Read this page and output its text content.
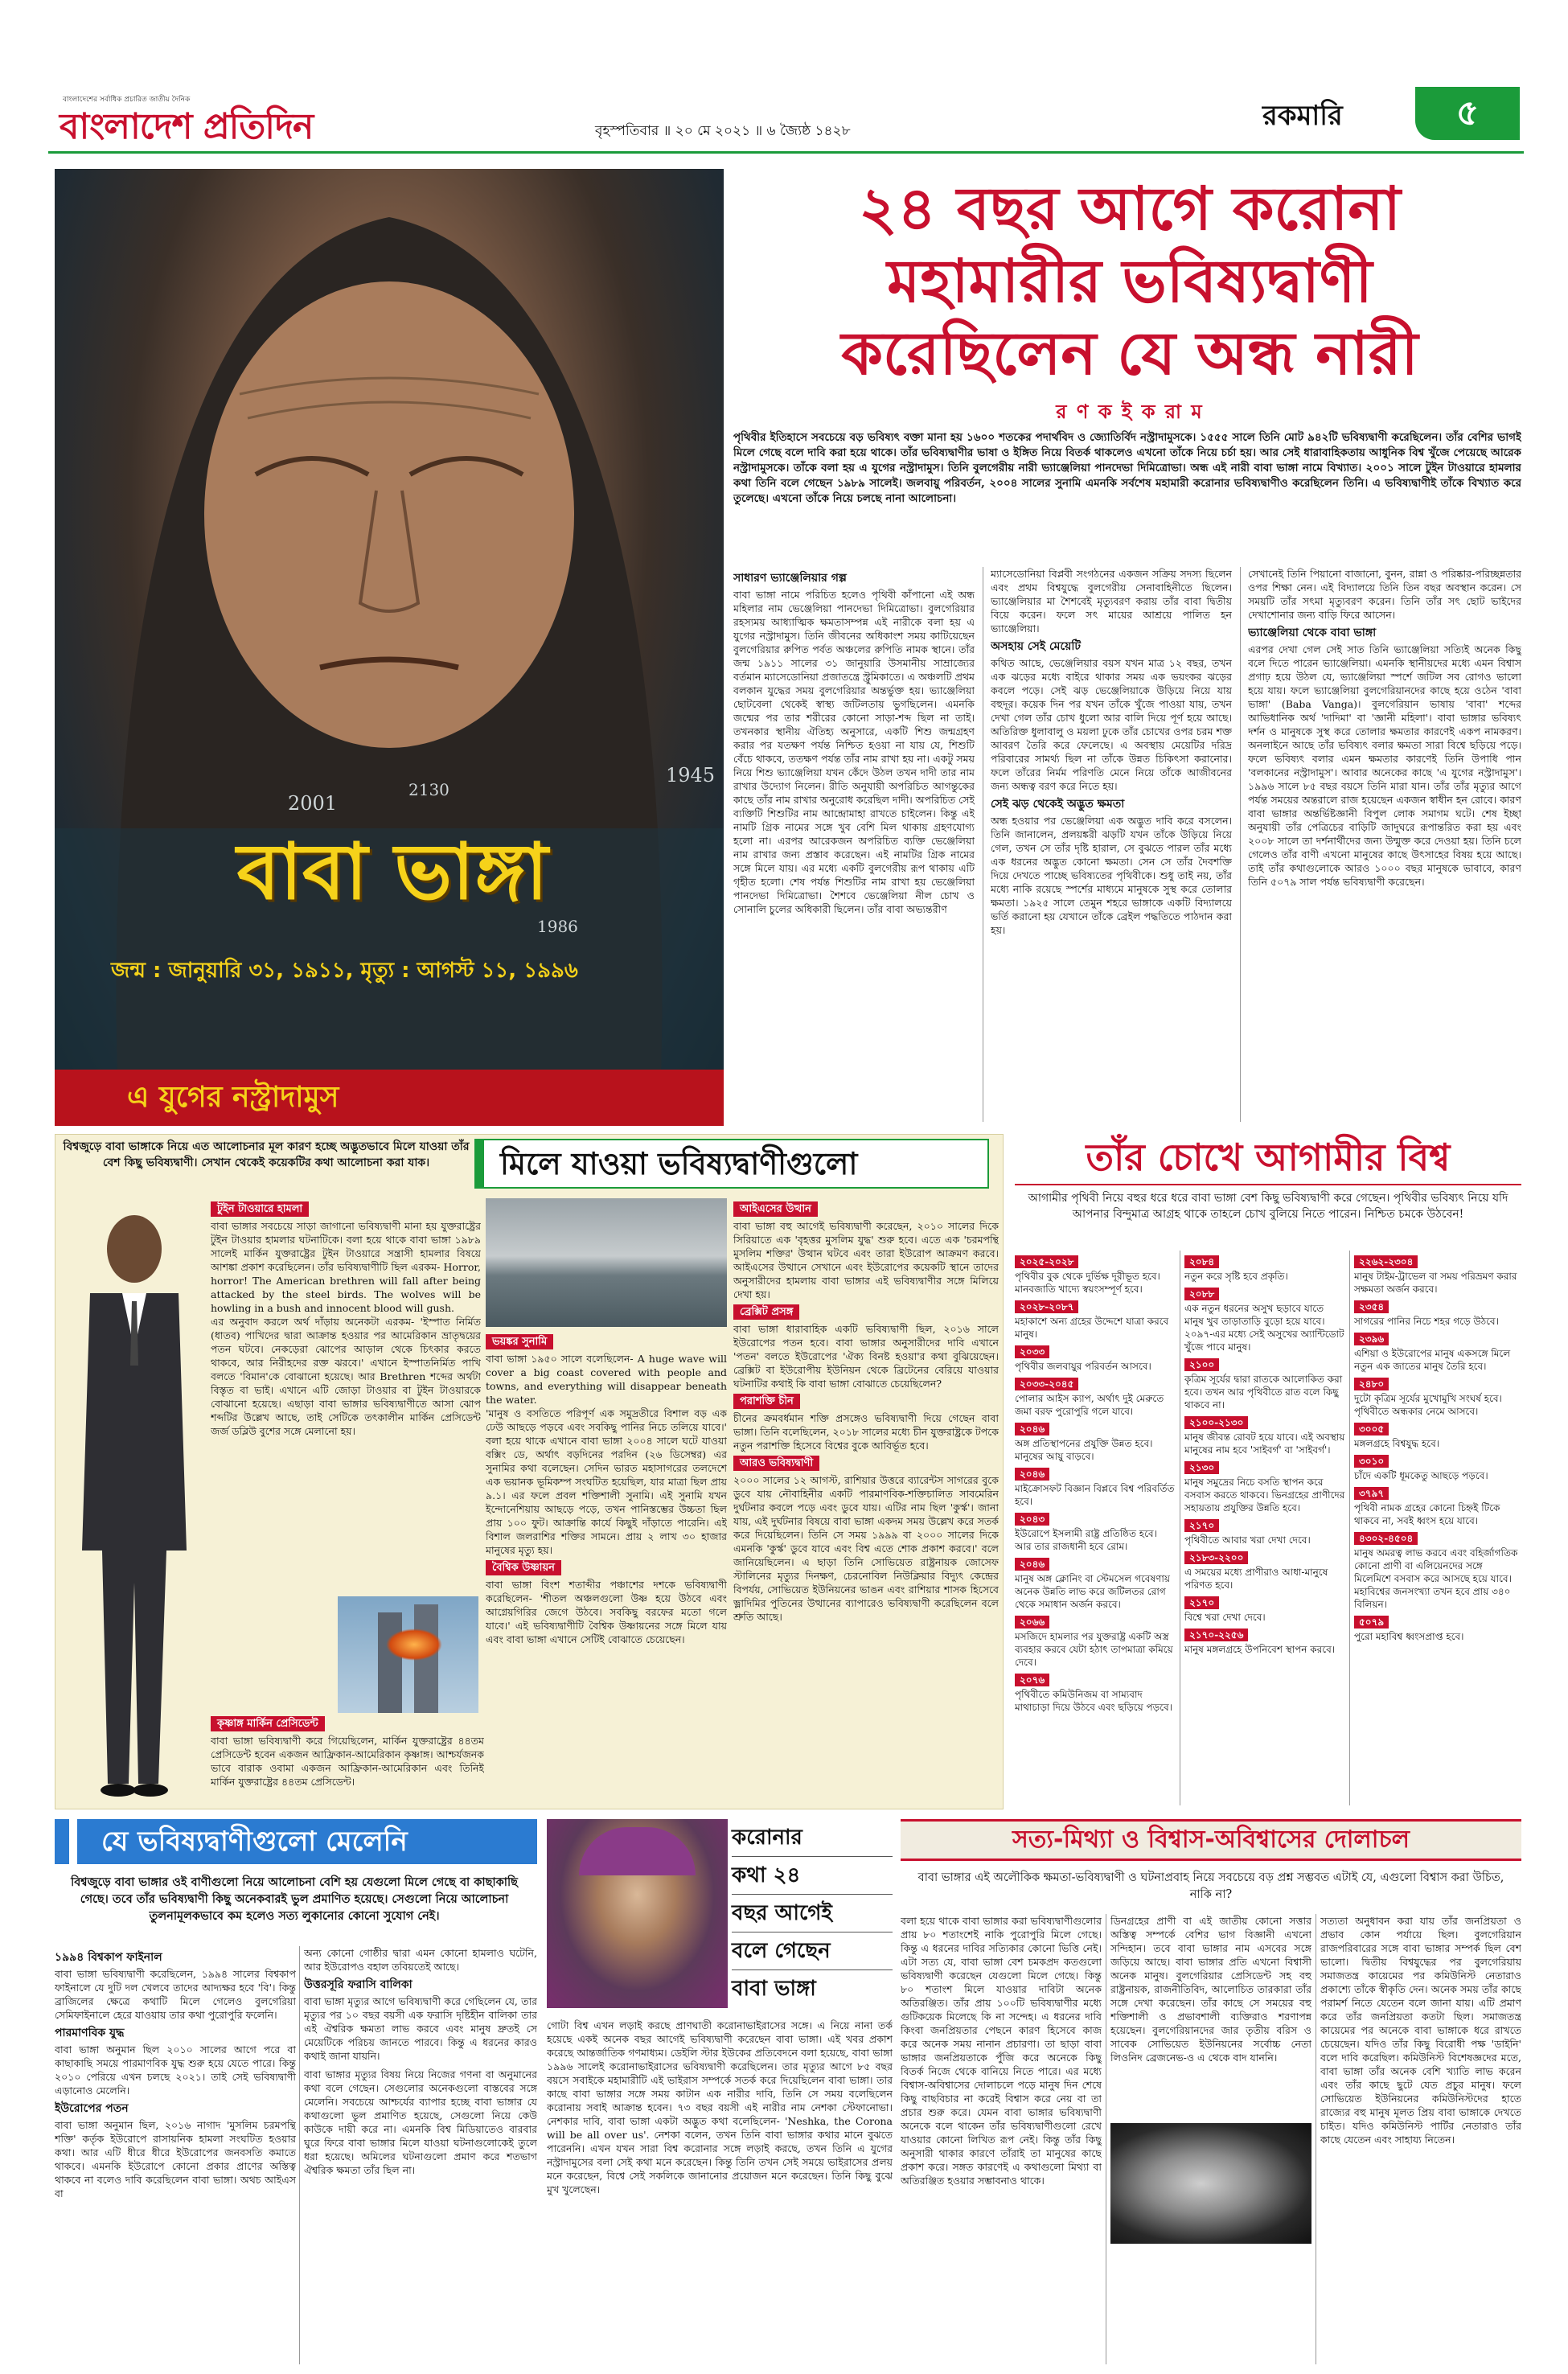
বাংলাদেশের সর্বাধিক প্রচারিত জাতীয় দৈনিক
বাংলাদেশ প্রতিদিন	বৃহস্পতিবার ॥ ২০ মে ২০২১ ॥ ৬ জ্যৈষ্ঠ ১৪২৮	রকমারি	৫
2001
1945
2130
1986
বাবা ভাঙ্গা
জন্ম : জানুয়ারি ৩১, ১৯১১, মৃত্যু : আগস্ট ১১, ১৯৯৬
এ যুগের নস্ট্রাদামুস
২৪ বছর আগে করোনা
মহামারীর ভবিষ্যদ্বাণী
করেছিলেন যে অন্ধ নারী
র ণ ক ই ক রা ম
পৃথিবীর ইতিহাসে সবচেয়ে বড় ভবিষ্যৎ বক্তা মানা হয় ১৬০০ শতকের পদার্থবিদ ও জ্যোতির্বিদ নস্ট্রাদামুসকে। ১৫৫৫ সালে তিনি মোট ৯৪২টি ভবিষ্যদ্বাণী করেছিলেন। তাঁর বেশির ভাগই মিলে গেছে বলে দাবি করা হয়ে থাকে। তাঁর ভবিষ্যদ্বাণীর ভাষা ও ইঙ্গিত নিয়ে বিতর্ক থাকলেও এখনো তাঁকে নিয়ে চর্চা হয়। আর সেই ধারাবাহিকতায় আধুনিক বিশ্ব খুঁজে পেয়েছে আরেক নস্ট্রাদামুসকে। তাঁকে বলা হয় এ যুগের নস্ট্রাদামুস। তিনি বুলগেরীয় নারী ভ্যাঞ্জেলিয়া পানদেভা দিমিত্রোভা। অন্ধ এই নারী বাবা ভাঙ্গা নামে বিখ্যাত। ২০০১ সালে টুইন টাওয়ারে হামলার কথা তিনি বলে গেছেন ১৯৮৯ সালেই। জলবায়ু পরিবর্তন, ২০০৪ সালের সুনামি এমনকি সর্বশেষ মহামারী করোনার ভবিষ্যদ্বাণীও করেছিলেন তিনি। এ ভবিষ্যদ্বাণীই তাঁকে বিখ্যাত করে তুলেছে। এখনো তাঁকে নিয়ে চলছে নানা আলোচনা।
সাধারণ ভ্যাঞ্জেলিয়ার গল্প
বাবা ভাঙ্গা নামে পরিচিত হলেও পৃথিবী কাঁপানো এই অন্ধ মহিলার নাম ভেঞ্জেলিয়া পানদেভা দিমিত্রোভা। বুলগেরিয়ার রহস্যময় আধ্যাত্মিক ক্ষমতাসম্পন্ন এই নারীকে বলা হয় এ যুগের নস্ট্রাদামুস। তিনি জীবনের অধিকাংশ সময় কাটিয়েছেন বুলগেরিয়ার রুপিত পর্বত অঞ্চলের রুপিতি নামক স্থানে। তাঁর জন্ম ১৯১১ সালের ৩১ জানুয়ারি উসমানীয় সাম্রাজ্যের বর্তমান ম্যাসেডোনিয়া প্রজাতন্ত্রে স্ট্রুমিকাতে। এ অঞ্চলটি প্রথম বলকান যুদ্ধের সময় বুলগেরিয়ার অন্তর্ভুক্ত হয়। ভ্যাঞ্জেলিয়া ছোটবেলা থেকেই স্বাস্থ্য জটিলতায় ভুগছিলেন। এমনকি জন্মের পর তার শরীরের কোনো সাড়া-শব্দ ছিল না তাই। তখনকার স্থানীয় ঐতিহ্য অনুসারে, একটি শিশু জন্মগ্রহণ করার পর যতক্ষণ পর্যন্ত নিশ্চিত হওয়া না যায় যে, শিশুটি বেঁচে থাকবে, ততক্ষণ পর্যন্ত তাঁর নাম রাখা হয় না। একটু সময় নিয়ে শিশু ভ্যাঞ্জেলিয়া যখন কেঁদে উঠল তখন দাদী তার নাম রাখার উদ্যোগ নিলেন। রীতি অনুযায়ী অপরিচিত আগন্তুকের কাছে তাঁর নাম রাখার অনুরোধ করেছিল দাদী। অপরিচিত সেই ব্যক্তিটি শিশুটির নাম আন্দ্রোমাহা রাখতে চাইলেন। কিন্তু এই নামটি গ্রিক নামের সঙ্গে খুব বেশি মিল থাকায় গ্রহণযোগ্য হলো না। এরপর আরেকজন অপরিচিত ব্যক্তি ভেঞ্জেলিয়া নাম রাখার জন্য প্রস্তাব করেছেন। এই নামটির গ্রিক নামের সঙ্গে মিলে যায়। এর মধ্যে একটি বুলগেরীয় রূপ থাকায় এটি গৃহীত হলো। শেষ পর্যন্ত শিশুটির নাম রাখা হয় ভেঞ্জেলিয়া পানদেভা দিমিত্রোভা। শৈশবে ভেঞ্জেলিয়া নীল চোখ ও সোনালি চুলের অধিকারী ছিলেন। তাঁর বাবা অভ্যন্তরীণ
ম্যাসেডোনিয়া বিপ্লবী সংগঠনের একজন সক্রিয় সদস্য ছিলেন এবং প্রথম বিশ্বযুদ্ধে বুলগেরীয় সেনাবাহিনীতে ছিলেন। ভ্যাঞ্জেলিয়ার মা শৈশবেই মৃত্যুবরণ করায় তাঁর বাবা দ্বিতীয় বিয়ে করেন। ফলে সৎ মায়ের আশ্রয়ে পালিত হন ভ্যাঞ্জেলিয়া।
অসহায় সেই মেয়েটি
কথিত আছে, ভেঞ্জেলিয়ার বয়স যখন মাত্র ১২ বছর, তখন এক ঝড়ের মধ্যে বাইরে থাকার সময় এক ভয়ংকর ঝড়ের কবলে পড়ে। সেই ঝড় ভেঞ্জেলিয়াকে উড়িয়ে নিয়ে যায় বহুদূর। কয়েক দিন পর যখন তাঁকে খুঁজে পাওয়া যায়, তখন দেখা গেল তাঁর চোখ ধুলো আর বালি দিয়ে পূর্ণ হয়ে আছে। অতিরিক্ত ধুলাবালু ও ময়লা ঢুকে তাঁর চোখের ওপর চরম শক্ত আবরণ তৈরি করে ফেলেছে। এ অবস্থায় মেয়েটির দরিদ্র পরিবারের সামর্থ্য ছিল না তাঁকে উন্নত চিকিৎসা করানোর। ফলে তাঁরের নির্মম পরিণতি মেনে নিয়ে তাঁকে আজীবনের জন্য অন্ধত্ব বরণ করে নিতে হয়।
সেই ঝড় থেকেই অদ্ভুত ক্ষমতা
অন্ধ হওয়ার পর ভেঞ্জেলিয়া এক অদ্ভুত দাবি করে বসলেন। তিনি জানালেন, প্রলয়ঙ্করী ঝড়টি যখন তাঁকে উড়িয়ে নিয়ে গেল, তখন সে তাঁর দৃষ্টি হারাল, সে বুঝতে পারল তাঁর মধ্যে এক ধরনের অদ্ভুত কোনো ক্ষমতা। সেন সে তাঁর দৈবশক্তি দিয়ে দেখতে পাচ্ছে ভবিষ্যতের পৃথিবীকে। শুধু তাই নয়, তাঁর মধ্যে নাকি রয়েছে স্পর্শের মাধ্যমে মানুষকে সুস্থ করে তোলার ক্ষমতা। ১৯২৫ সালে তেমুন শহরে ভাঙ্গাকে একটি বিদ্যালয়ে ভর্তি করানো হয় যেখানে তাঁকে ব্রেইল পদ্ধতিতে পাঠদান করা হয়।
সেখানেই তিনি পিয়ানো বাজানো, বুনন, রান্না ও পরিষ্কার-পরিচ্ছন্নতার ওপর শিক্ষা নেন। এই বিদ্যালয়ে তিনি তিন বছর অবস্থান করেন। সে সময়টি তাঁর সৎমা মৃত্যুবরণ করেন। তিনি তাঁর সৎ ছোট ভাইদের দেখাশোনার জন্য বাড়ি ফিরে আসেন।
ভ্যাঞ্জেলিয়া থেকে বাবা ভাঙ্গা
এরপর দেখা গেল সেই সাত তিনি ভ্যাঞ্জেলিয়া সত্যিই অনেক কিছু বলে দিতে পারেন ভ্যাঞ্জেলিয়া। এমনকি স্থানীয়দের মধ্যে এমন বিশ্বাস প্রগাঢ় হয়ে উঠল যে, ভ্যাঞ্জেলিয়া স্পর্শে জটিল সব রোগও ভালো হয়ে যায়। ফলে ভ্যাঞ্জেলিয়া বুলগেরিয়ানদের কাছে হয়ে ওঠেন 'বাবা ভাঙ্গা' (Baba Vanga)। বুলগেরিয়ান ভাষায় 'বাবা' শব্দের আভিধানিক অর্থ 'দাদিমা' বা 'জ্ঞানী মহিলা'। বাবা ভাঙ্গার ভবিষ্যৎ দর্শন ও মানুষকে সুস্থ করে তোলার ক্ষমতার কারণেই একপ নামকরণ। অনলাইনে আছে তাঁর ভবিষ্যৎ বলার ক্ষমতা সারা বিশ্বে ছড়িয়ে পড়ে। ফলে ভবিষ্যৎ বলার এমন ক্ষমতার কারণেই তিনি উপাধি পান 'বলকানের নস্ট্রাদামুস'। আবার অনেকের কাছে 'এ যুগের নস্ট্রাদামুস'। ১৯৯৬ সালে ৮৫ বছর বয়সে তিনি মারা যান। তাঁর তাঁর মৃত্যুর আগে পর্যন্ত সময়ের অন্তরালে রাজ হয়েছেন একজন স্বাধীন হন রোবে। কারণ বাবা ভাঙ্গার অন্তর্ভিষ্টজ্ঞানী বিপুল লোক সমাগম ঘটে। শেষ ইচ্ছা অনুযায়ী তাঁর পেত্রিচের বাড়িটি জাদুঘরে রূপান্তরিত করা হয় এবং ২০০৮ সালে তা দর্শনার্থীদের জন্য উন্মুক্ত করে দেওয়া হয়। তিনি চলে গেলেও তাঁর বাণী এখনো মানুষের কাছে উৎসাহের বিষয় হয়ে আছে। তাই তাঁর কথাগুলোকে আরও ১০০০ বছর মানুষকে ভাবাবে, কারণ তিনি ৫০৭৯ সাল পর্যন্ত ভবিষ্যদ্বাণী করেছেন।
বিশ্বজুড়ে বাবা ভাঙ্গাকে নিয়ে এত আলোচনার মূল কারণ হচ্ছে অদ্ভুতভাবে মিলে যাওয়া তাঁর বেশ কিছু ভবিষ্যদ্বাণী। সেখান থেকেই কয়েকটির কথা আলোচনা করা যাক।	মিলে যাওয়া ভবিষ্যদ্বাণীগুলো
টুইন টাওয়ারে হামলা
বাবা ভাঙ্গার সবচেয়ে সাড়া জাগানো ভবিষ্যদ্বাণী মানা হয় যুক্তরাষ্ট্রের টুইন টাওয়ার হামলার ঘটনাটিকে। বলা হয়ে থাকে বাবা ভাঙ্গা ১৯৮৯ সালেই মার্কিন যুক্তরাষ্ট্রের টুইন টাওয়ারে সন্ত্রাসী হামলার বিষয়ে আশঙ্কা প্রকাশ করেছিলেন। তাঁর ভবিষ্যদ্বাণীটি ছিল এরকম- Horror, horror! The American brethren will fall after being attacked by the steel birds. The wolves will be howling in a bush and innocent blood will gush.
এর অনুবাদ করলে অর্থ দাঁড়ায় অনেকটা এরকম- 'ইস্পাত নির্মিত (ধাতব) পাখিদের দ্বারা আক্রান্ত হওয়ার পর আমেরিকান ভ্রাতৃদ্বয়ের পতন ঘটবে। নেকড়েরা ঝোপের আড়াল থেকে চিৎকার করতে থাকবে, আর নিরীহদের রক্ত ঝরবে।' এখানে ইস্পাতনির্মিত পাখি বলতে 'বিমান'কে বোঝানো হয়েছে। আর Brethren শব্দের অর্থটা বিস্তৃত বা ভাই। এখানে এটি জোড়া টাওয়ার বা টুইন টাওয়ারকে বোঝানো হয়েছে। এছাড়া বাবা ভাঙ্গার ভবিষ্যদ্বাণীতে আসা ঝোপ শব্দটির উল্লেখ আছে, তাই সেটিকে তৎকালীন মার্কিন প্রেসিডেন্ট জর্জ ডব্লিউ বুশের সঙ্গে মেলানো হয়।
কৃষ্ণাঙ্গ মার্কিন প্রেসিডেন্ট
বাবা ভাঙ্গা ভবিষ্যদ্বাণী করে গিয়েছিলেন, মার্কিন যুক্তরাষ্ট্রের ৪৪তম প্রেসিডেন্ট হবেন একজন আফ্রিকান-আমেরিকান কৃষ্ণাঙ্গ। আশ্চর্যজনক ভাবে বারাক ওবামা একজন আফ্রিকান-আমেরিকান এবং তিনিই মার্কিন যুক্তরাষ্ট্রের ৪৪তম প্রেসিডেন্ট।
ভয়ঙ্কর সুনামি
বাবা ভাঙ্গা ১৯৫০ সালে বলেছিলেন- A huge wave will cover a big coast covered with people and towns, and everything will disappear beneath the water.
'মানুষ ও বসতিতে পরিপূর্ণ এক সমুদ্রতীরে বিশাল বড় এক ঢেউ আছড়ে পড়বে এবং সবকিছু পানির নিচে তলিয়ে যাবে।' বলা হয়ে থাকে এখানে বাবা ভাঙ্গা ২০০৪ সালে ঘটে যাওয়া বক্সিং ডে, অর্থাৎ বড়দিনের পরদিন (২৬ ডিসেম্বর) এর সুনামির কথা বলেছেন। সেদিন ভারত মহাসাগরের তলদেশে এক ভয়ানক ভূমিকম্প সংঘটিত হয়েছিল, যার মাত্রা ছিল প্রায় ৯.১। এর ফলে প্রবল শক্তিশালী সুনামি। এই সুনামি যখন ইন্দোনেশিয়ায় আছড়ে পড়ে, তখন পানিস্তম্ভের উচ্চতা ছিল প্রায় ১০০ ফুট। আক্রান্তি কার্যে কিছুই দাঁড়াতে পারেনি। এই বিশাল জলরাশির শক্তির সামনে। প্রায় ২ লাখ ৩০ হাজার মানুষের মৃত্যু হয়।
বৈশ্বিক উষ্ণায়ন
বাবা ভাঙ্গা বিংশ শতাব্দীর পঞ্চাশের দশকে ভবিষ্যদ্বাণী করেছিলেন- 'শীতল অঞ্চলগুলো উষ্ণ হয়ে উঠবে এবং আগ্নেয়গিরির জেগে উঠবে। সবকিছু বরফের মতো গলে যাবে।' এই ভবিষ্যদ্বাণীটি বৈশ্বিক উষ্ণায়নের সঙ্গে মিলে যায় এবং বাবা ভাঙ্গা এখানে সেটিই বোঝাতে চেয়েছেন।
আইএসের উত্থান
বাবা ভাঙ্গা বহু আগেই ভবিষ্যদ্বাণী করেছেন, ২০১০ সালের দিকে সিরিয়াতে এক 'বৃহত্তর মুসলিম যুদ্ধ' শুরু হবে। এতে এক 'চরমপন্থি মুসলিম শক্তির' উত্থান ঘটবে এবং তারা ইউরোপ আক্রমণ করবে। আইএসের উত্থানে সেখানে এবং ইউরোপের কয়েকটি স্থানে তাদের অনুসারীদের হামলায় বাবা ভাঙ্গার এই ভবিষ্যদ্বাণীর সঙ্গে মিলিয়ে দেখা হয়।
ব্রেক্সিট প্রসঙ্গ
বাবা ভাঙ্গা ধারাবাহিক একটি ভবিষ্যদ্বাণী ছিল, ২০১৬ সালে ইউরোপের পতন হবে। বাবা ভাঙ্গার অনুসারীদের দাবি এখানে 'পতন' বলতে ইউরোপের 'ঐক্য বিনষ্ট হওয়া'র কথা বুঝিয়েছেন। ব্রেক্সিট বা ইউরোপীয় ইউনিয়ন থেকে ব্রিটেনের বেরিয়ে যাওয়ার ঘটনাটির কথাই কি বাবা ভাঙ্গা বোঝাতে চেয়েছিলেন?
পরাশক্তি চীন
চীনের ক্রমবর্ধমান শক্তি প্রসঙ্গেও ভবিষ্যদ্বাণী দিয়ে গেছেন বাবা ভাঙ্গা। তিনি বলেছিলেন, ২০১৮ সালের মধ্যে চীন যুক্তরাষ্ট্রকে টপকে নতুন পরাশক্তি হিসেবে বিশ্বের বুকে আবির্ভূত হবে।
আরও ভবিষ্যদ্বাণী
২০০০ সালের ১২ আগস্ট, রাশিয়ার উত্তরে ব্যারেন্টস সাগরের বুকে ডুবে যায় নৌবাহিনীর একটি পারমাণবিক-শক্তিচালিত সাবমেরিন দুর্ঘটনার কবলে পড়ে এবং ডুবে যায়। এটির নাম ছিল 'কুর্স্ক'। জানা যায়, এই দুর্ঘটনার বিষয়ে বাবা ভাঙ্গা একদম সময় উল্লেখ করে সতর্ক করে দিয়েছিলেন। তিনি সে সময় ১৯৯৯ বা ২০০০ সালের দিকে এমনকি 'কুর্স্ক' ডুবে যাবে এবং বিশ্ব এতে শোক প্রকাশ করবে।' বলে জানিয়েছিলেন। এ ছাড়া তিনি সোভিয়েত রাষ্ট্রনায়ক জোসেফ স্টালিনের মৃত্যুর দিনক্ষণ, চেরনোবিল নিউক্লিয়ার বিদ্যুৎ কেন্দ্রের বিপর্যয়, সোভিয়েত ইউনিয়নের ভাঙন এবং রাশিয়ার শাসক হিসেবে ভ্লাদিমির পুতিনের উত্থানের ব্যাপারেও ভবিষ্যদ্বাণী করেছিলেন বলে শ্রুতি আছে।
তাঁর চোখে আগামীর বিশ্ব
আগামীর পৃথিবী নিয়ে বহুর ধরে ধরে বাবা ভাঙ্গা বেশ কিছু ভবিষ্যদ্বাণী করে গেছেন। পৃথিবীর ভবিষ্যৎ নিয়ে যদি আপনার বিন্দুমাত্র আগ্রহ থাকে তাহলে চোখ বুলিয়ে নিতে পারেন। নিশ্চিত চমকে উঠবেন!
২০২৫-২০২৮
পৃথিবীর বুক থেকে দুর্ভিক্ষ দূরীভূত হবে। মানবজাতি খাদ্যে স্বয়ংসম্পূর্ণ হবে।
২০২৮-২০৮৭
মহাকাশে অন্য গ্রহের উদ্দেশে যাত্রা করবে মানুষ।
২০৩৩
পৃথিবীর জলবায়ুর পরিবর্তন আসবে।
২০৩৩-২০৪৫
পোলার আইস ক্যাপ, অর্থাৎ দুই মেরুতে জমা বরফ পুরোপুরি গলে যাবে।
২০৪৬
অঙ্গ প্রতিস্থাপনের প্রযুক্তি উন্নত হবে। মানুষের আয়ু বাড়বে।
২০৪৬
মাইক্রোসফট বিজ্ঞান বিপ্লবে বিশ্ব পরিবর্তিত হবে।
২০৪৩
ইউরোপে ইসলামী রাষ্ট্র প্রতিষ্ঠিত হবে। আর তার রাজধানী হবে রোম।
২০৪৬
মানুষ অঙ্গ ক্লোনিং বা স্টেমসেল গবেষণায় অনেক উন্নতি লাভ করে জটিলতর রোগ থেকে সমাধান অর্জন করবে।
২০৬৬
মসজিদে হামলার পর যুক্তরাষ্ট্র একটি অস্ত্র ব্যবহার করবে যেটা হঠাৎ তাপমাত্রা কমিয়ে দেবে।
২০৭৬
পৃথিবীতে কমিউনিজম বা সাম্যবাদ মাথাচাড়া দিয়ে উঠবে এবং ছড়িয়ে পড়বে।
২০৮৪
নতুন করে সৃষ্টি হবে প্রকৃতি।
২০৮৮
এক নতুন ধরনের অসুখ ছড়াবে যাতে মানুষ খুব তাড়াতাড়ি বুড়ো হয়ে যাবে। ২০৯৭-এর মধ্যে সেই অসুখের অ্যান্টিডোট খুঁজে পাবে মানুষ।
২১০০
কৃত্রিম সূর্যের দ্বারা রাতকে আলোকিত করা হবে। তখন আর পৃথিবীতে রাত বলে কিছু থাকবে না।
২১০০-২১৩০
মানুষ জীবন্ত রোবট হয়ে যাবে। এই অবস্থায় মানুষের নাম হবে 'সাইবর্গ' বা 'সাইবর্গ'।
২১৩০
মানুষ সমুদ্রের নিচে বসতি স্থাপন করে বসবাস করতে থাকবে। ভিনগ্রহের প্রাণীদের সহায়তায় প্রযুক্তির উন্নতি হবে।
২১৭০
পৃথিবীতে আবার খরা দেখা দেবে।
২১৮৩-২২০০
এ সময়ের মধ্যে প্রাণীরাও আধা-মানুষে পরিণত হবে।
২১৭০
বিশ্বে খরা দেখা দেবে।
২১৭০-২২৫৬
মানুষ মঙ্গলগ্রহে উপনিবেশ স্থাপন করবে।
২২৬২-২৩০৪
মানুষ টাইম-ট্রাভেল বা সময় পরিভ্রমণ করার সক্ষমতা অর্জন করবে।
২৩৫৪
সাগরের পানির নিচে শহর গড়ে উঠবে।
২৩৯৬
এশিয়া ও ইউরোপের মানুষ একসঙ্গে মিলে নতুন এক জাতের মানুষ তৈরি হবে।
২৪৮০
দুটো কৃত্রিম সূর্যের মুখোমুখি সংঘর্ষ হবে। পৃথিবীতে অন্ধকার নেমে আসবে।
৩০০৫
মঙ্গলগ্রহে বিশ্বযুদ্ধ হবে।
৩০১০
চাঁদে একটি ধূমকেতু আছড়ে পড়বে।
৩৭৯৭
পৃথিবী নামক গ্রহের কোনো চিহ্নই টিকে থাকবে না, সবই ধ্বংস হয়ে যাবে।
৪৩০২-৪৫০৪
মানুষ অমরত্ব লাভ করবে এবং বহির্জাগতিক কোনো প্রাণী বা এলিয়েনদের সঙ্গে মিলেমিশে বসবাস করে আসছে হয়ে যাবে। মহাবিশ্বের জনসংখ্যা তখন হবে প্রায় ৩৪০ বিলিয়ন।
৫০৭৯
পুরো মহাবিশ্ব ধ্বংসপ্রাপ্ত হবে।
যে ভবিষ্যদ্বাণীগুলো মেলেনি
বিশ্বজুড়ে বাবা ভাঙ্গার ওই বাণীগুলো নিয়ে আলোচনা বেশি হয় যেগুলো মিলে গেছে বা কাছাকাছি গেছে। তবে তাঁর ভবিষ্যদ্বাণী কিছু অনেকবারই ভুল প্রমাণিত হয়েছে। সেগুলো নিয়ে আলোচনা তুলনামূলকভাবে কম হলেও সত্য লুকানোর কোনো সুযোগ নেই।
১৯৯৪ বিশ্বকাপ ফাইনাল
বাবা ভাঙ্গা ভবিষ্যদ্বাণী করেছিলেন, ১৯৯৪ সালের বিশ্বকাপ ফাইনালে যে দুটি দল খেলবে তাদের আদ্যক্ষর হবে 'বি'। কিন্তু ব্রাজিলের ক্ষেত্রে কথাটি মিলে গেলেও বুলগেরিয়া সেমিফাইনালে হেরে যাওয়ায় তার কথা পুরোপুরি ফলেনি।
পারমাণবিক যুদ্ধ
বাবা ভাঙ্গা অনুমান ছিল ২০১০ সালের আগে পরে বা কাছাকাছি সময়ে পারমাণবিক যুদ্ধ শুরু হয়ে যেতে পারে। কিন্তু ২০১০ পেরিয়ে এখন চলছে ২০২১। তাই সেই ভবিষ্যদ্বাণী এড়ানোও মেলেনি।
ইউরোপের পতন
বাবা ভাঙ্গা অনুমান ছিল, ২০১৬ নাগাদ 'মুসলিম চরমপন্থি শক্তি' কর্তৃক ইউরোপে রাসায়নিক হামলা সংঘটিত হওয়ার কথা। আর এটি ধীরে ধীরে ইউরোপের জনবসতি কমাতে থাকবে। এমনকি ইউরোপে কোনো প্রকার প্রাণের অস্তিত্ব থাকবে না বলেও দাবি করেছিলেন বাবা ভাঙ্গা। অথচ আইএস বা
অন্য কোনো গোষ্ঠীর দ্বারা এমন কোনো হামলাও ঘটেনি, আর ইউরোপও বহাল তবিয়তেই আছে।
উত্তরসূরি ফরাসি বালিকা
বাবা ভাঙ্গা মৃত্যুর আগে ভবিষ্যদ্বাণী করে গেছিলেন যে, তার মৃত্যুর পর ১০ বছর বয়সী এক ফরাসি দৃষ্টিহীন বালিকা তার এই ঐশ্বরিক ক্ষমতা লাভ করবে এবং মানুষ দ্রুতই সে মেয়েটিকে পরিচয় জানতে পারবে। কিন্তু এ ধরনের কারও কথাই জানা যায়নি।
বাবা ভাঙ্গার মৃত্যুর বিষয় নিয়ে নিজের গণনা বা অনুমানের কথা বলে গেছেন। সেগুলোর অনেকগুলো বাস্তবের সঙ্গে মেলেনি। সবচেয়ে আশ্চর্যের ব্যাপার হচ্ছে বাবা ভাঙ্গার যে কথাগুলো ভুল প্রমাণিত হয়েছে, সেগুলো নিয়ে কেউ কাউকে দায়ী করে না। এমনকি বিশ্ব মিডিয়াতেও বারবার ঘুরে ফিরে বাবা ভাঙ্গার মিলে যাওয়া ঘটনাগুলোকেই তুলে ধরা হয়েছে। অমিলের ঘটনাগুলো প্রমাণ করে শতভাগ ঐশ্বরিক ক্ষমতা তাঁর ছিল না।
করোনার
কথা ২৪
বছর আগেই
বলে গেছেন
বাবা ভাঙ্গা
গোটা বিশ্ব এখন লড়াই করছে প্রাণঘাতী করোনাভাইরাসের সঙ্গে। এ নিয়ে নানা তর্ক হয়েছে একই অনেক বছর আগেই ভবিষ্যদ্বাণী করেছেন বাবা ভাঙ্গা। এই খবর প্রকাশ করেছে আন্তর্জাতিক গণমাধ্যম। ডেইলি স্টার ইউকের প্রতিবেদনে বলা হয়েছে, বাবা ভাঙ্গা ১৯৯৬ সালেই করোনাভাইরাসের ভবিষ্যদ্বাণী করেছিলেন। তার মৃত্যুর আগে ৮৫ বছর বয়সে সবাইকে মহামারীটি এই ভাইরাস সম্পর্কে সতর্ক করে দিয়েছিলেন বাবা ভাঙ্গা। তার কাছে বাবা ভাঙ্গার সঙ্গে সময় কাটান এক নারীর দাবি, তিনি সে সময় বলেছিলেন করোনায় সবাই আক্রান্ত হবেন। ৭৩ বছর বয়সী এই নারীর নাম নেশকা স্টেফানোভা। নেশকার দাবি, বাবা ভাঙ্গা একটা অদ্ভুত কথা বলেছিলেন- 'Neshka, the Corona will be all over us'. নেশকা বলেন, তখন তিনি বাবা ভাঙ্গার কথার মানে বুঝতে পারেননি। এখন যখন সারা বিশ্ব করোনার সঙ্গে লড়াই করছে, তখন তিনি এ যুগের নস্ট্রাদামুসের বলা সেই কথা মনে করেছেন। কিন্তু তিনি তখন সেই সময়ে ভাইরাসের প্রলয় মনে করেছেন, বিশ্বে সেই সকলিকে জানানোর প্রয়োজন মনে করেছেন। তিনি কিছু বুঝে মুখ খুলেছেন।
সত্য-মিথ্যা ও বিশ্বাস-অবিশ্বাসের দোলাচল
বাবা ভাঙ্গার এই অলৌকিক ক্ষমতা-ভবিষ্যদ্বাণী ও ঘটনাপ্রবাহ নিয়ে সবচেয়ে বড় প্রশ্ন সম্ভবত এটাই যে, এগুলো বিশ্বাস করা উচিত, নাকি না?
বলা হয়ে থাকে বাবা ভাঙ্গার করা ভবিষ্যদ্বাণীগুলোর প্রায় ৮০ শতাংশেই নাকি পুরোপুরি মিলে গেছে। কিন্তু এ ধরনের দাবির সত্যিকার কোনো ভিত্তি নেই। এটা সত্য যে, বাবা ভাঙ্গা বেশ চমকপ্রদ কতগুলো ভবিষ্যদ্বাণী করেছেন যেগুলো মিলে গেছে। কিন্তু ৮০ শতাংশ মিলে যাওয়ার দাবিটা অনেক অতিরঞ্জিত। তাঁর প্রায় ১০০টি ভবিষ্যদ্বাণীর মধ্যে গুটিকয়েক মিলেছে কি না সন্দেহ। এ ধরনের দাবি কিংবা জনপ্রিয়তার পেছনে কারণ হিসেবে কাজ করে অনেক সময় নানান প্রচারণা। তা ছাড়া বাবা ভাঙ্গার জনপ্রিয়তাকে পুঁজি করে অনেকে কিছু বিতর্ক নিজে থেকে বানিয়ে নিতে পারে। এর মধ্যে বিশ্বাস-অবিশ্বাসের দোলাচলে পড়ে মানুষ দিন শেষে কিছু বাছবিচার না করেই বিশ্বাস করে নেয় বা তা প্রচার শুরু করে। যেমন বাবা ভাঙ্গার ভবিষ্যদ্বাণী অনেকে বলে থাকেন তাঁর ভবিষ্যদ্বাণীগুলো রেখে যাওয়ার কোনো লিখিত রূপ নেই। কিন্তু তাঁর কিছু অনুসারী থাকার কারণে তাঁরাই তা মানুষের কাছে প্রকাশ করে। সঙ্গত কারণেই এ কথাগুলো মিথ্যা বা অতিরঞ্জিত হওয়ার সম্ভাবনাও থাকে।
ডিনগ্রহের প্রাণী বা এই জাতীয় কোনো সত্তার অস্তিত্ব সম্পর্কে বেশির ভাগ বিজ্ঞানী এখনো সন্দিহান। তবে বাবা ভাঙ্গার নাম এসবের সঙ্গে জড়িয়ে আছে। বাবা ভাঙ্গার প্রতি এখনো বিশ্বাসী অনেক মানুষ। বুলগেরিয়ার প্রেসিডেন্ট সহ বহু রাষ্ট্রনায়ক, রাজনীতিবিদ, আলোচিত তারকারা তাঁর সঙ্গে দেখা করেছেন। তাঁর কাছে সে সময়ের বহু শক্তিশালী ও প্রভাবশালী ব্যক্তিরাও শরণাপন্ন হয়েছেন। বুলগেরিয়ানদের জার তৃতীয় বরিস ও সাবেক সোভিয়েত ইউনিয়নের সর্বোচ্চ নেতা লিওনিদ ব্রেজনেভ-ও এ থেকে বাদ যাননি।
সত্যতা অনুধাবন করা যায় তাঁর জনপ্রিয়তা ও প্রভাব কোন পর্যায়ে ছিল। বুলগেরিয়ান রাজপরিবারের সঙ্গে বাবা ভাঙ্গার সম্পর্ক ছিল বেশ ভালো। দ্বিতীয় বিশ্বযুদ্ধের পর বুলগেরিয়ায় সমাজতন্ত্র কায়েমের পর কমিউনিস্ট নেতারাও প্রকাশ্যে তাঁকে স্বীকৃতি দেন। অনেক সময় তাঁর কাছে পরামর্শ নিতে যেতেন বলে জানা যায়। এটি প্রমাণ করে তাঁর জনপ্রিয়তা কতটা ছিল। সমাজতন্ত্র কায়েমের পর অনেকে বাবা ভাঙ্গাকে ধরে রাখতে চেয়েছেন। যদিও তাঁর কিছু বিরোধী পক্ষ 'ডাইনি' বলে দাবি করেছিল। কমিউনিস্ট বিশেষজ্ঞদের মতে, বাবা ভাঙ্গা তাঁর অনেক বেশি খ্যাতি লাভ করেন এবং তাঁর কাছে ছুটে যেত প্রচুর মানুষ। ফলে সোভিয়েত ইউনিয়নের কমিউনিস্টদের হাতে রাজ্যের বহু মানুষ মূলত প্রিয় বাবা ভাঙ্গাকে দেখতে চাইত। যদিও কমিউনিস্ট পার্টির নেতারাও তাঁর কাছে যেতেন এবং সাহায্য নিতেন।
